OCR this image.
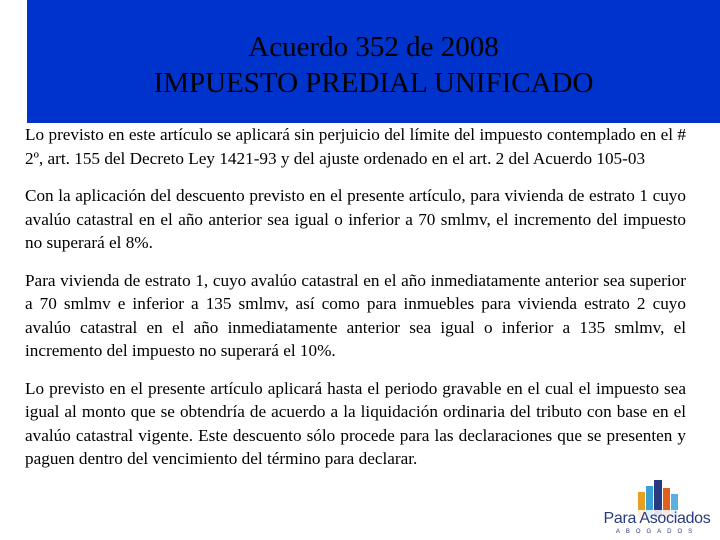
Acuerdo 352 de 2008
IMPUESTO PREDIAL UNIFICADO

Lo previsto en este artículo se aplicará sin perjuicio del límite del impuesto contemplado en el # 2º, art. 155 del Decreto Ley 1421-93 y del ajuste ordenado en el art. 2 del Acuerdo 105-03

Con la aplicación del descuento previsto en el presente artículo, para vivienda de estrato 1 cuyo avalúo catastral en el año anterior sea igual o inferior a 70 smlmv, el incremento del impuesto no superará el 8%.

Para vivienda de estrato 1, cuyo avalúo catastral en el año inmediatamente anterior sea superior a 70 smlmv e inferior a 135 smlmv, así como para inmuebles para vivienda estrato 2 cuyo avalúo catastral en el año inmediatamente anterior sea igual o inferior a 135 smlmv, el incremento del impuesto no superará el 10%.

Lo previsto en el presente artículo aplicará hasta el periodo gravable en el cual el impuesto sea igual al monto que se obtendría de acuerdo a la liquidación ordinaria del tributo con base en el avalúo catastral vigente. Este descuento sólo procede para las declaraciones que se presenten y paguen dentro del vencimiento del término para declarar.

Para Asociados
ABOGADOS
